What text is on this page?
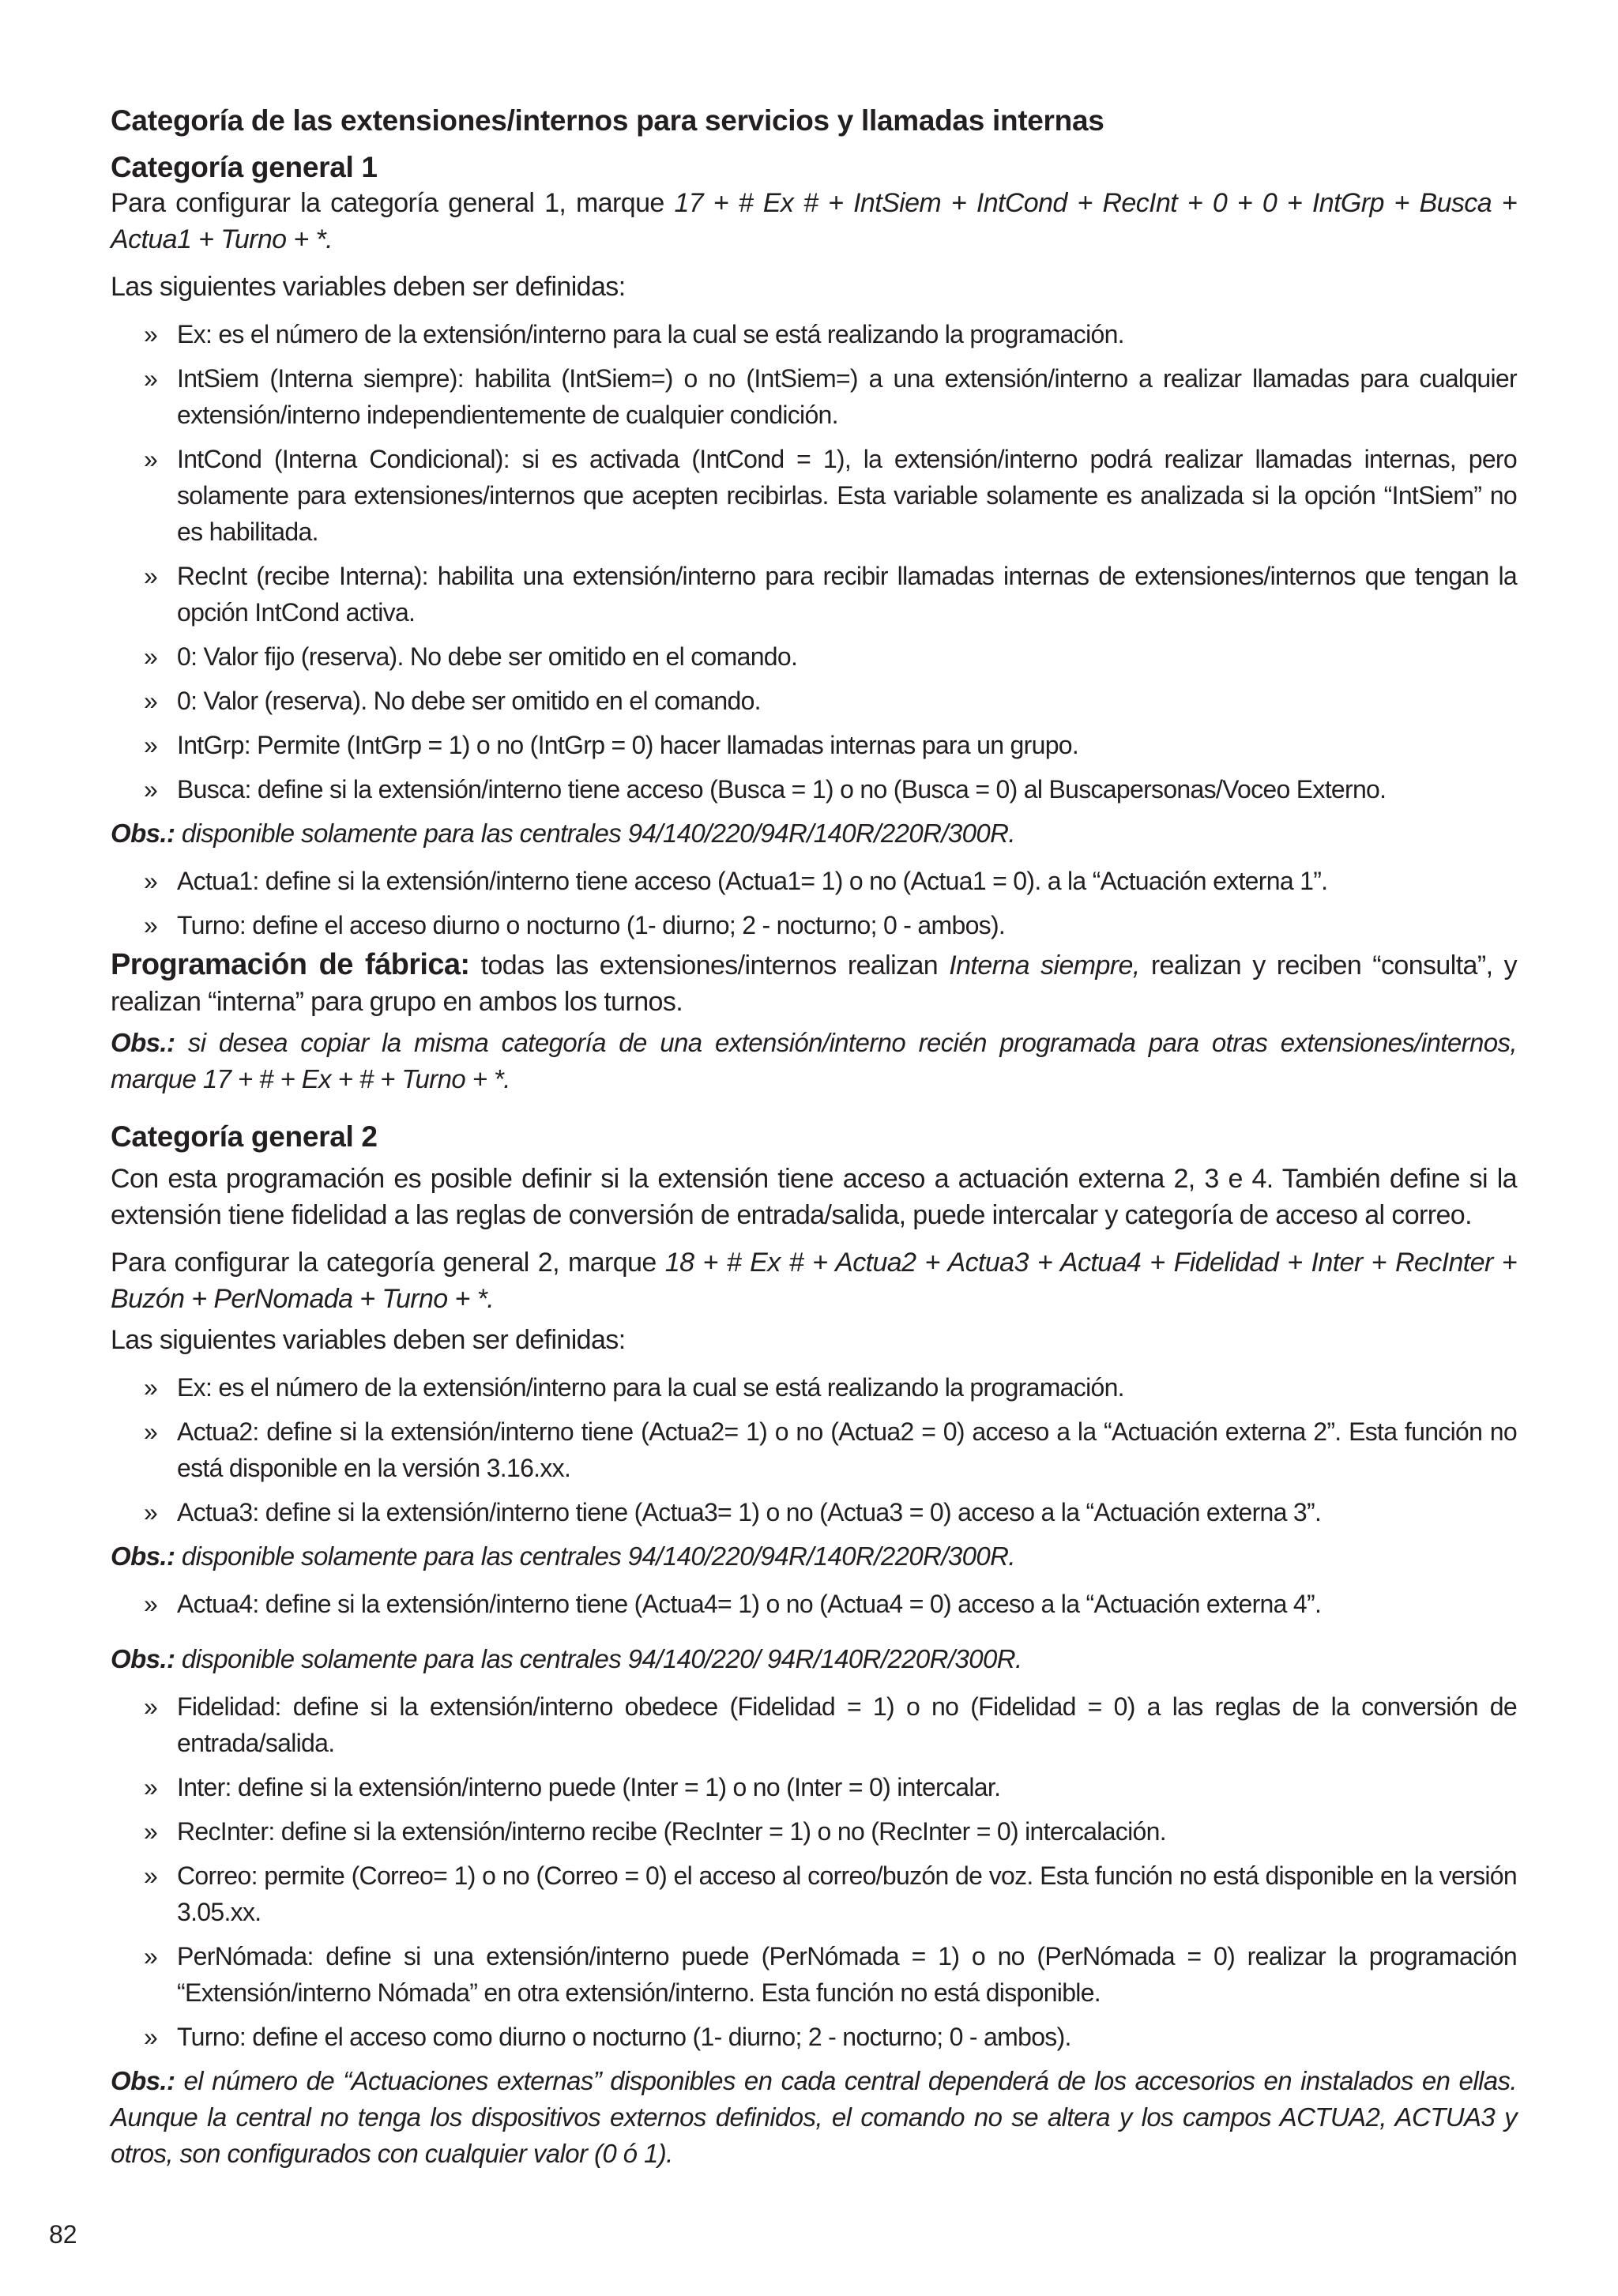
Categoría de las extensiones/internos para servicios y llamadas internas
Categoría general 1

Para configurar la categoría general 1, marque 17 + # Ex # + IntSiem + IntCond + RecInt + 0 + 0 + IntGrp + Busca + Actua1 + Turno + *.

Las siguientes variables deben ser definidas:

» Ex: es el número de la extensión/interno para la cual se está realizando la programación.
» IntSiem (Interna siempre): habilita (IntSiem=) o no (IntSiem=) a una extensión/interno a realizar llamadas para cualquier extensión/interno independientemente de cualquier condición.
» IntCond (Interna Condicional): si es activada (IntCond = 1), la extensión/interno podrá realizar llamadas internas, pero solamente para extensiones/internos que acepten recibirlas. Esta variable solamente es analizada si la opción “IntSiem” no es habilitada.
» RecInt (recibe Interna): habilita una extensión/interno para recibir llamadas internas de extensiones/internos que tengan la opción IntCond activa.
» 0: Valor fijo (reserva). No debe ser omitido en el comando.
» 0: Valor (reserva). No debe ser omitido en el comando.
» IntGrp: Permite (IntGrp = 1) o no (IntGrp = 0) hacer llamadas internas para un grupo.
» Busca: define si la extensión/interno tiene acceso (Busca = 1) o no (Busca = 0) al Buscapersonas/Voceo Externo.

Obs.: disponible solamente para las centrales 94/140/220/94R/140R/220R/300R.

» Actua1: define si la extensión/interno tiene acceso (Actua1= 1) o no (Actua1 = 0). a la “Actuación externa 1”.
» Turno: define el acceso diurno o nocturno (1- diurno; 2 - nocturno; 0 - ambos).

Programación de fábrica: todas las extensiones/internos realizan Interna siempre, realizan y reciben “consulta”, y realizan “interna” para grupo en ambos los turnos.

Obs.: si desea copiar la misma categoría de una extensión/interno recién programada para otras extensiones/internos, marque 17 + # + Ex + # + Turno + *.

Categoría general 2

Con esta programación es posible definir si la extensión tiene acceso a actuación externa 2, 3 e 4. También define si la extensión tiene fidelidad a las reglas de conversión de entrada/salida, puede intercalar y categoría de acceso al correo.

Para configurar la categoría general 2, marque 18 + # Ex # + Actua2 + Actua3 + Actua4 + Fidelidad + Inter + RecInter + Buzón + PerNomada + Turno + *.

Las siguientes variables deben ser definidas:

» Ex: es el número de la extensión/interno para la cual se está realizando la programación.
» Actua2: define si la extensión/interno tiene (Actua2= 1) o no (Actua2 = 0) acceso a la “Actuación externa 2”. Esta función no está disponible en la versión 3.16.xx.
» Actua3: define si la extensión/interno tiene (Actua3= 1) o no (Actua3 = 0) acceso a la “Actuación externa 3”.

Obs.: disponible solamente para las centrales 94/140/220/94R/140R/220R/300R.

» Actua4: define si la extensión/interno tiene (Actua4= 1) o no (Actua4 = 0) acceso a la “Actuación externa 4”.

Obs.: disponible solamente para las centrales 94/140/220/ 94R/140R/220R/300R.

» Fidelidad: define si la extensión/interno obedece (Fidelidad = 1) o no (Fidelidad = 0) a las reglas de la conversión de entrada/salida.
» Inter: define si la extensión/interno puede (Inter = 1) o no (Inter = 0) intercalar.
» RecInter: define si la extensión/interno recibe (RecInter = 1) o no (RecInter = 0) intercalación.
» Correo: permite (Correo= 1) o no (Correo = 0) el acceso al correo/buzón de voz. Esta función no está disponible en la versión 3.05.xx.
» PerNómada: define si una extensión/interno puede (PerNómada = 1) o no (PerNómada = 0) realizar la programación “Extensión/interno Nómada” en otra extensión/interno. Esta función no está disponible.
» Turno: define el acceso como diurno o nocturno (1- diurno; 2 - nocturno; 0 - ambos).

Obs.: el número de “Actuaciones externas” disponibles en cada central dependerá de los accesorios en instalados en ellas. Aunque la central no tenga los dispositivos externos definidos, el comando no se altera y los campos ACTUA2, ACTUA3 y otros, son configurados con cualquier valor (0 ó 1).

82
